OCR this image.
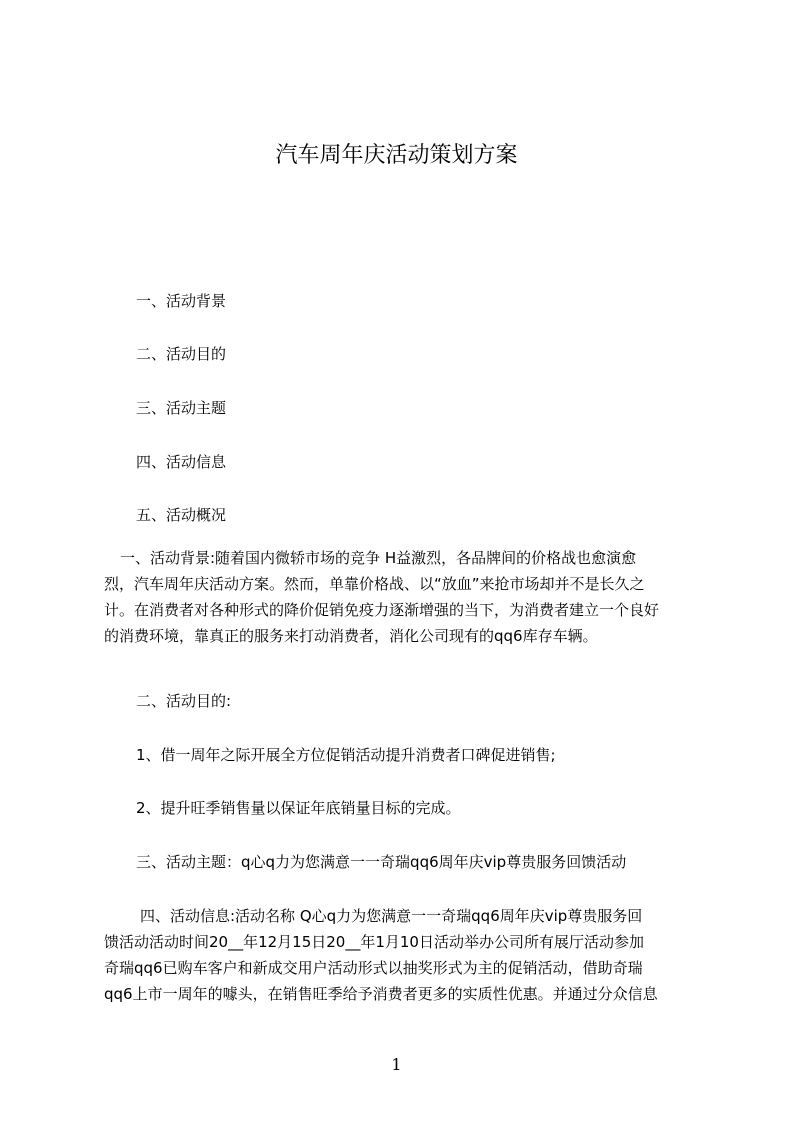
汽车周年庆活动策划方案
一、活动背景
二、活动目的
三、活动主题
四、活动信息
五、活动概况
一、活动背景:随着国内微轿市场的竞争 H益激烈，各品牌间的价格战也愈演愈
烈，汽车周年庆活动方案。然而，单靠价格战、以“放血”来抢市场却并不是长久之
计。在消费者对各种形式的降价促销免疫力逐渐增强的当下，为消费者建立一个良好
的消费环境，靠真正的服务来打动消费者，消化公司现有的qq6库存车辆。
二、活动目的:
1、借一周年之际开展全方位促销活动提升消费者口碑促进销售;
2、提升旺季销售量以保证年底销量目标的完成。
三、活动主题：q心q力为您满意一一奇瑞qq6周年庆vip尊贵服务回馈活动
四、活动信息:活动名称 Q心q力为您满意一一奇瑞qq6周年庆vip尊贵服务回
馈活动活动时间20__年12月15日20__年1月10日活动举办公司所有展厅活动参加
奇瑞qq6已购车客户和新成交用户活动形式以抽奖形式为主的促销活动，借助奇瑞
qq6上市一周年的噱头，在销售旺季给予消费者更多的实质性优惠。并通过分众信息
1
